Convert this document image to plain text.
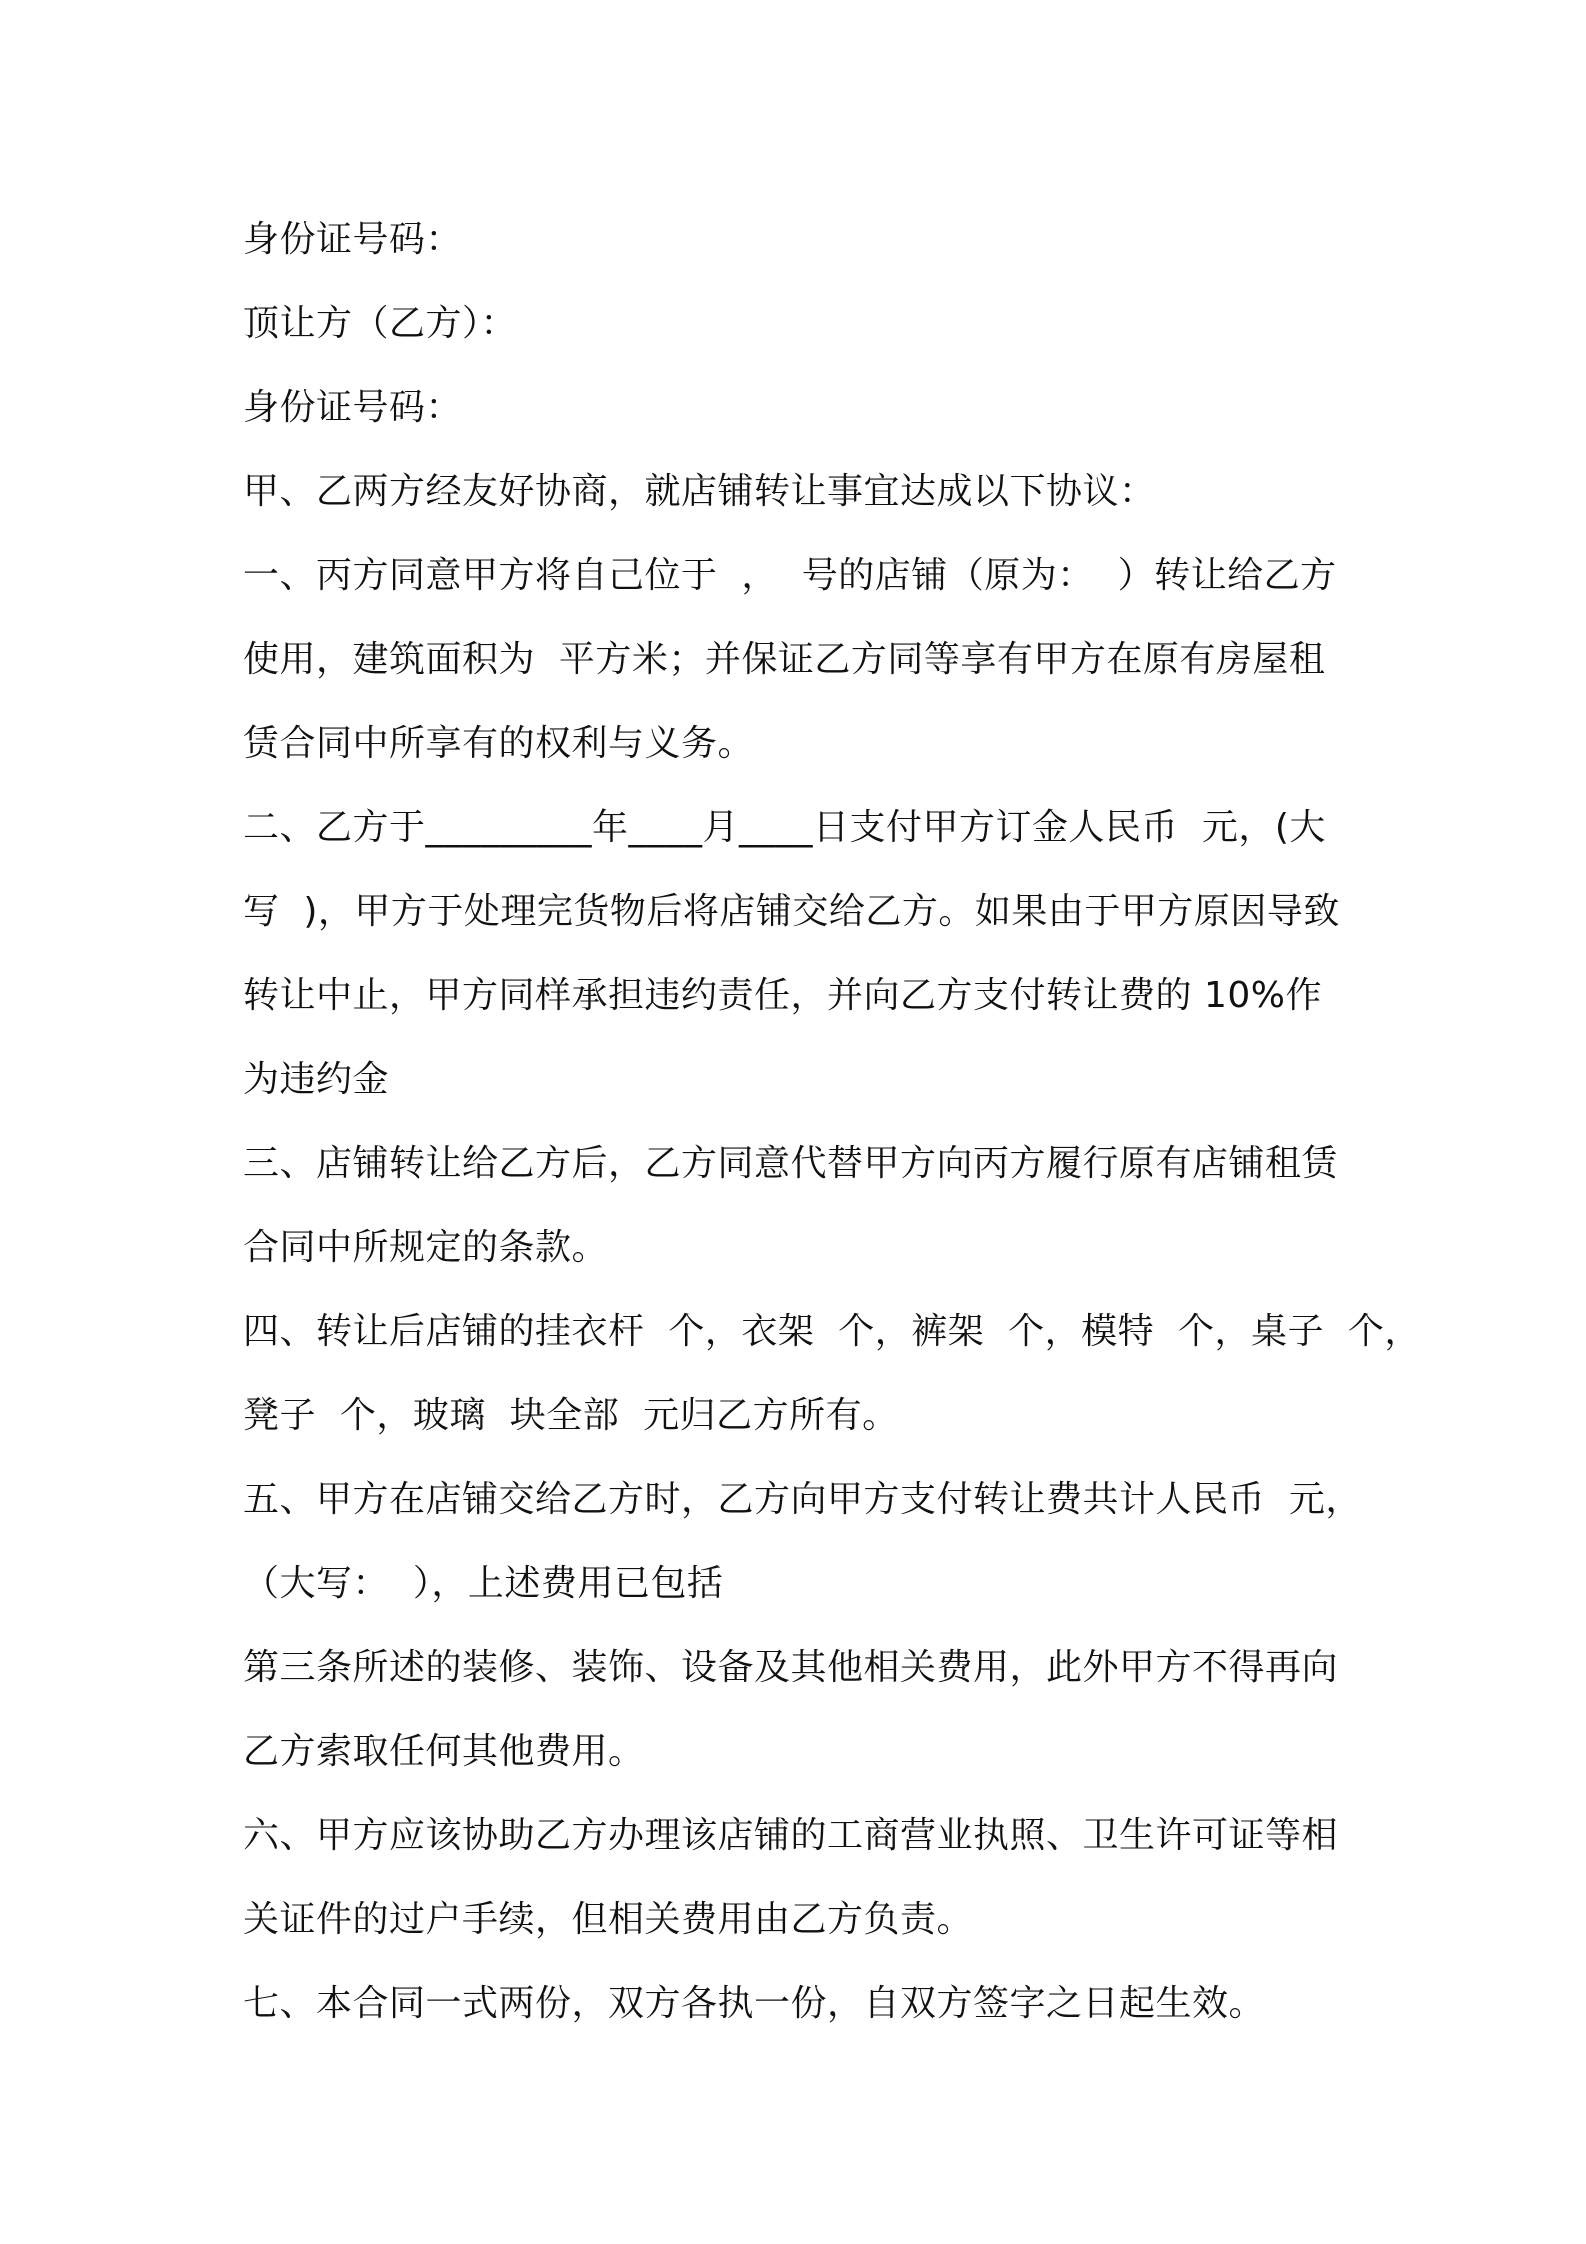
身份证号码：
顶让方（乙方）：
身份证号码：
甲、乙两方经友好协商，就店铺转让事宜达成以下协议：
一、丙方同意甲方将自己位于  ，  号的店铺（原为：  ）转让给乙方
使用，建筑面积为  平方米；并保证乙方同等享有甲方在原有房屋租
赁合同中所享有的权利与义务。
二、乙方于_________年____月____日支付甲方订金人民币  元，(大
写  )，甲方于处理完货物后将店铺交给乙方。如果由于甲方原因导致
转让中止，甲方同样承担违约责任，并向乙方支付转让费的 10%作
为违约金
三、店铺转让给乙方后，乙方同意代替甲方向丙方履行原有店铺租赁
合同中所规定的条款。
四、转让后店铺的挂衣杆  个，衣架  个，裤架  个，模特  个，桌子  个，
凳子  个，玻璃  块全部  元归乙方所有。
五、甲方在店铺交给乙方时，乙方向甲方支付转让费共计人民币  元，
（大写：  ），上述费用已包括
第三条所述的装修、装饰、设备及其他相关费用，此外甲方不得再向
乙方索取任何其他费用。
六、甲方应该协助乙方办理该店铺的工商营业执照、卫生许可证等相
关证件的过户手续，但相关费用由乙方负责。
七、本合同一式两份，双方各执一份，自双方签字之日起生效。
